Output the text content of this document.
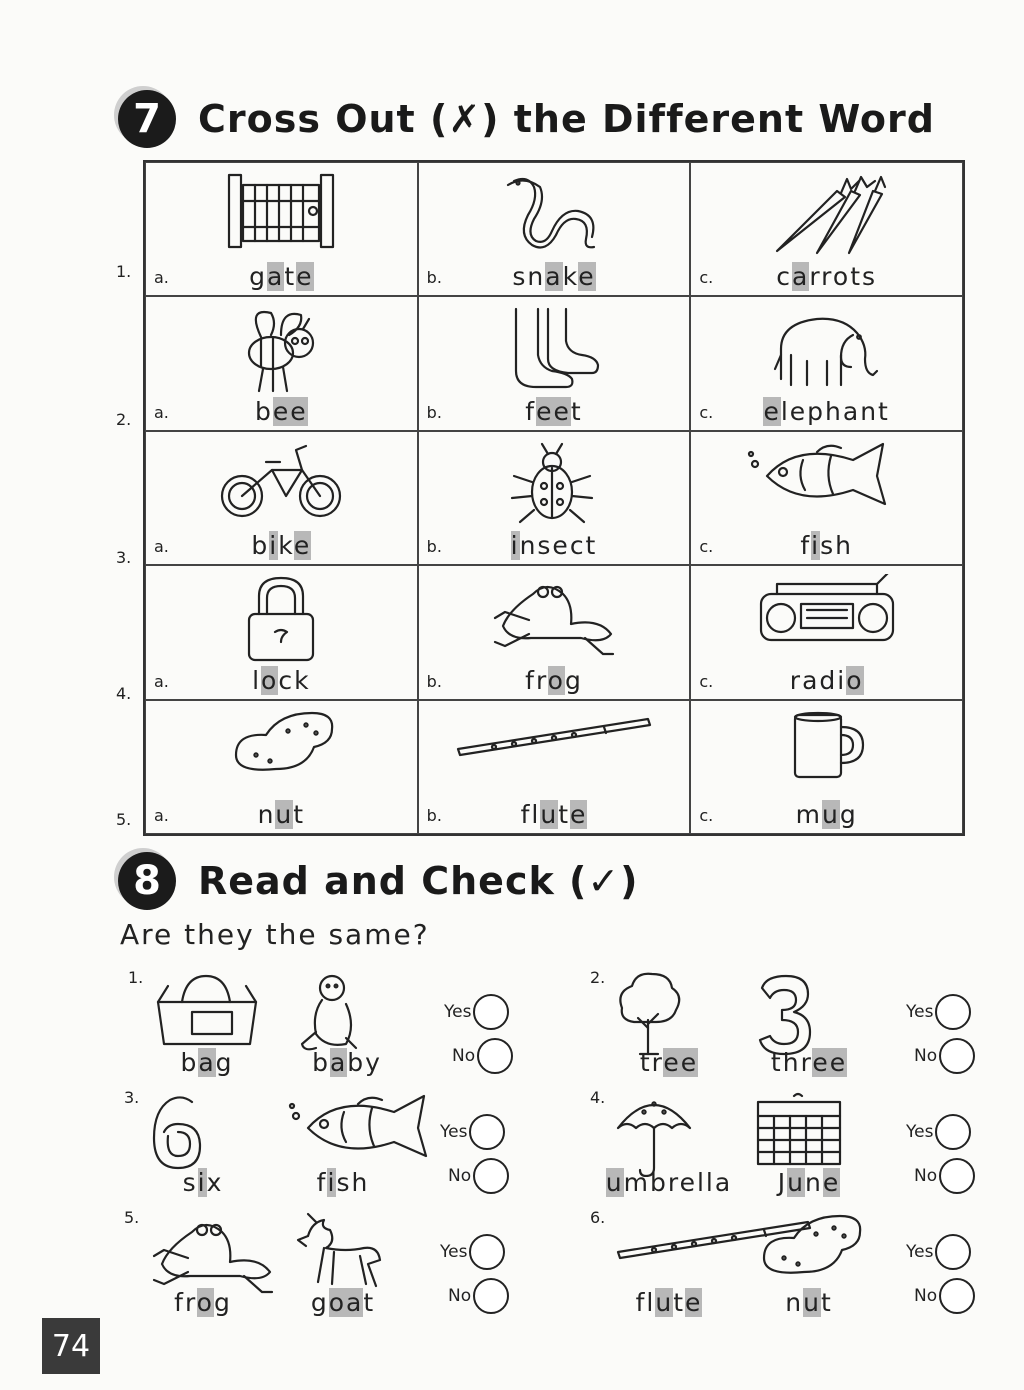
7 Cross Out (✗) the Different Word
a.	gate	b.	snake	c.	carrots
a.	bee	b.	feet	c.	elephant
a.	bike	b.	insect	c.	fish
a.	lock	b.	frog	c.	radio
a.	nut	b.	flute	c.	mug
1.
2.
3.
4.
5.
8 Read and Check (✓)
Are they the same?
1.
bag	baby
Yes
No
2.
tree	three
Yes
No
3.
six	fish
Yes
No
4.
umbrella	June
Yes
No
5.
frog	goat
Yes
No
6.
flute	nut
Yes
No
74
